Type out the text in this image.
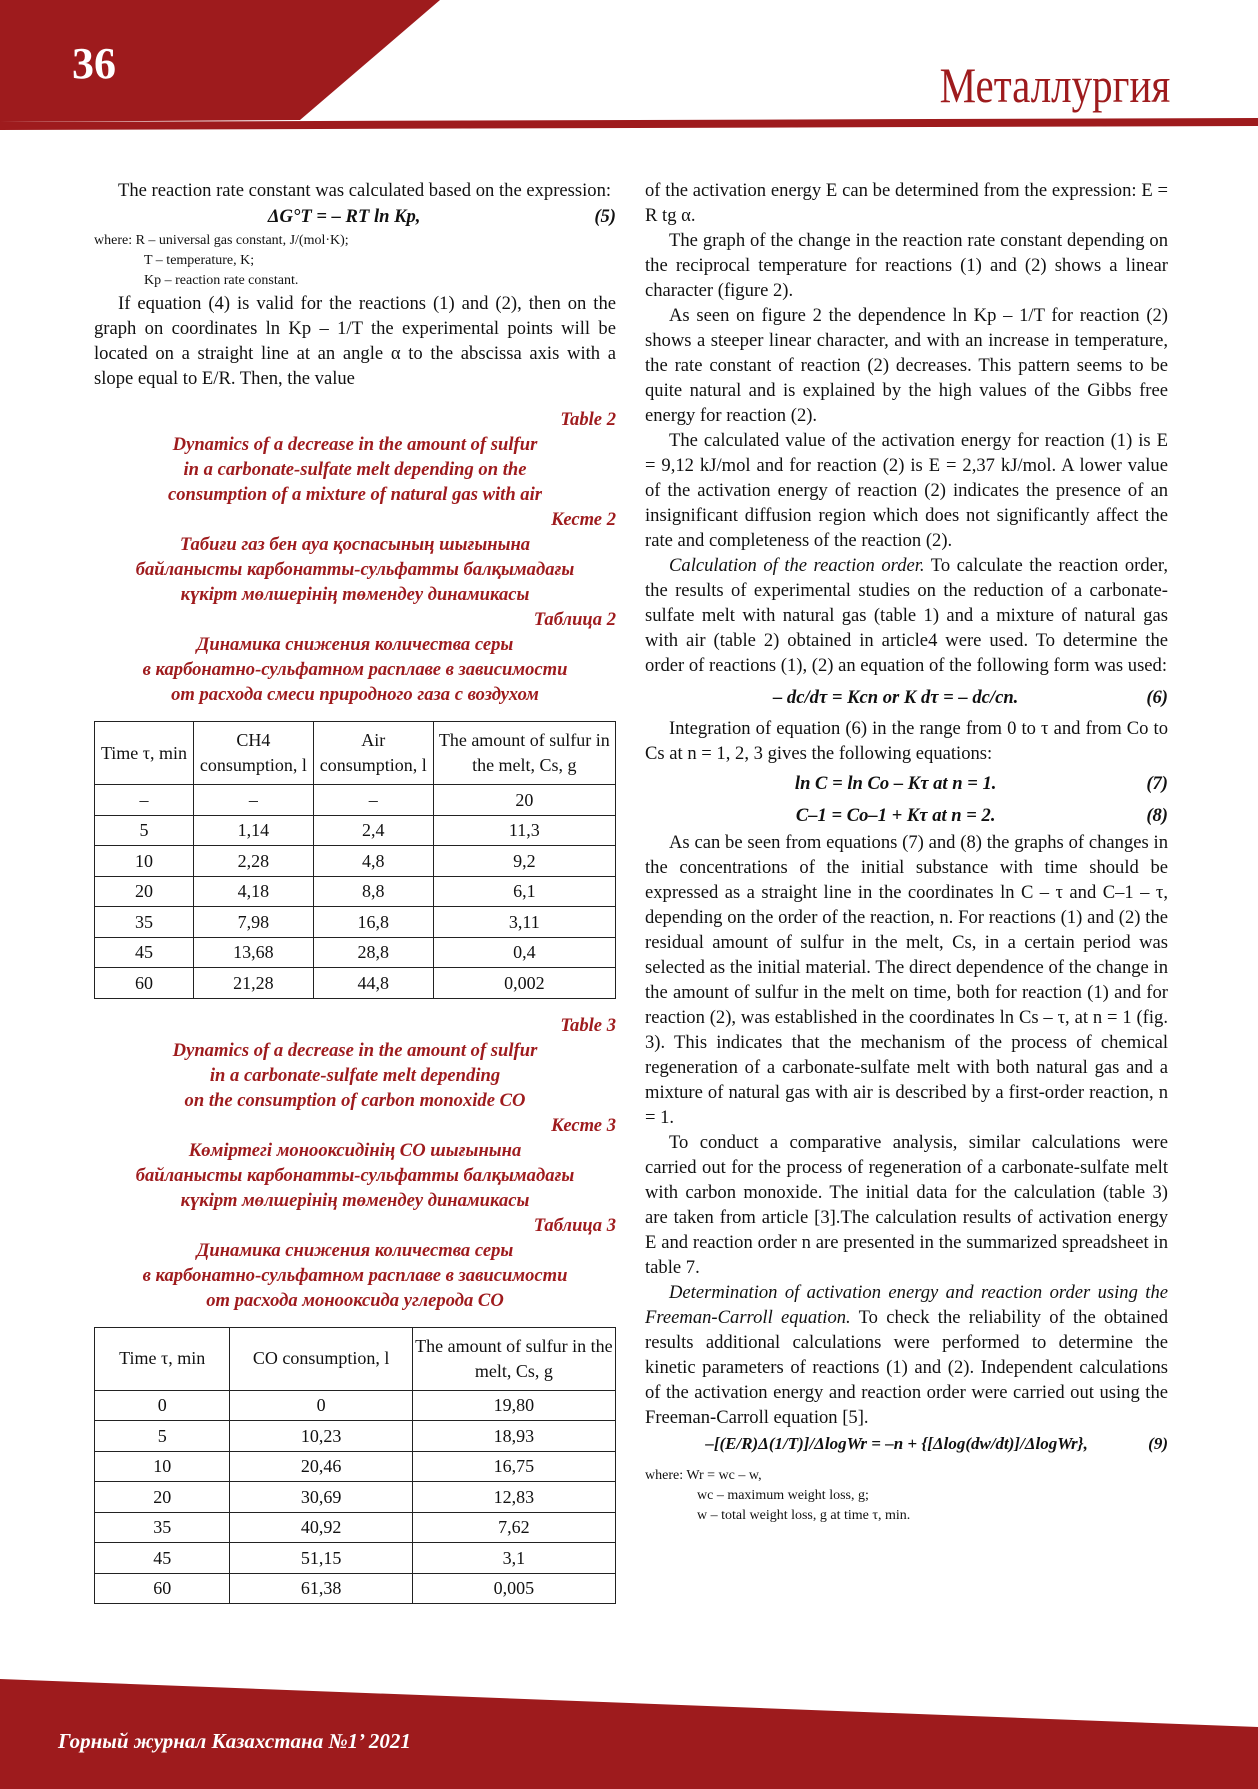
36	Металлургия

The reaction rate constant was calculated based on the expression:

ΔG°T = – RT ln Kp,	(5)
where: R – universal gas constant, J/(mol·K);
T – temperature, K;
Kp – reaction rate constant.

If equation (4) is valid for the reactions (1) and (2), then on the graph on coordinates ln Kp – 1/T the experimental points will be located on a straight line at an angle α to the abscissa axis with a slope equal to E/R. Then, the value

Table 2
Dynamics of a decrease in the amount of sulfur
in a carbonate-sulfate melt depending on the
consumption of a mixture of natural gas with air
Кесте 2
Табиғи газ бен ауа қоспасының шығынына
байланысты карбонатты-сульфатты балқымадағы
күкірт мөлшерінің төмендеу динамикасы
Таблица 2
Динамика снижения количества серы
в карбонатно-сульфатном расплаве в зависимости
от расхода смеси природного газа с воздухом
Time τ, min	CH4 consumption, l	Air consumption, l	The amount of sulfur in the melt, Cs, g
–	–	–	20
5	1,14	2,4	11,3
10	2,28	4,8	9,2
20	4,18	8,8	6,1
35	7,98	16,8	3,11
45	13,68	28,8	0,4
60	21,28	44,8	0,002
Table 3
Dynamics of a decrease in the amount of sulfur
in a carbonate-sulfate melt depending
on the consumption of carbon monoxide CO
Кесте 3
Көміртегі монооксидінің СО шығынына
байланысты карбонатты-сульфатты балқымадағы
күкірт мөлшерінің төмендеу динамикасы
Таблица 3
Динамика снижения количества серы
в карбонатно-сульфатном расплаве в зависимости
от расхода монооксида углерода СО
Time τ, min	CO consumption, l	The amount of sulfur in the melt, Cs, g
0	0	19,80
5	10,23	18,93
10	20,46	16,75
20	30,69	12,83
35	40,92	7,62
45	51,15	3,1
60	61,38	0,005

of the activation energy E can be determined from the expression: E = R tg α.

The graph of the change in the reaction rate constant depending on the reciprocal temperature for reactions (1) and (2) shows a linear character (figure 2).

As seen on figure 2 the dependence ln Kp – 1/T for reaction (2) shows a steeper linear character, and with an increase in temperature, the rate constant of reaction (2) decreases. This pattern seems to be quite natural and is explained by the high values of the Gibbs free energy for reaction (2).

The calculated value of the activation energy for reaction (1) is E = 9,12 kJ/mol and for reaction (2) is E = 2,37 kJ/mol. A lower value of the activation energy of reaction (2) indicates the presence of an insignificant diffusion region which does not significantly affect the rate and completeness of the reaction (2).

Calculation of the reaction order. To calculate the reaction order, the results of experimental studies on the reduction of a carbonate-sulfate melt with natural gas (table 1) and a mixture of natural gas with air (table 2) obtained in article4 were used. To determine the order of reactions (1), (2) an equation of the following form was used:

– dc/dτ = Kcn or K dτ = – dc/cn.	(6)

Integration of equation (6) in the range from 0 to τ and from Co to Cs at n = 1, 2, 3 gives the following equations:

ln C = ln Co – Kτ at n = 1.	(7)
C–1 = Co–1 + Kτ at n = 2.	(8)

As can be seen from equations (7) and (8) the graphs of changes in the concentrations of the initial substance with time should be expressed as a straight line in the coordinates ln C – τ and C–1 – τ, depending on the order of the reaction, n. For reactions (1) and (2) the residual amount of sulfur in the melt, Cs, in a certain period was selected as the initial material. The direct dependence of the change in the amount of sulfur in the melt on time, both for reaction (1) and for reaction (2), was established in the coordinates ln Cs – τ, at n = 1 (fig. 3). This indicates that the mechanism of the process of chemical regeneration of a carbonate-sulfate melt with both natural gas and a mixture of natural gas with air is described by a first-order reaction, n = 1.

To conduct a comparative analysis, similar calculations were carried out for the process of regeneration of a carbonate-sulfate melt with carbon monoxide. The initial data for the calculation (table 3) are taken from article [3].The calculation results of activation energy E and reaction order n are presented in the summarized spreadsheet in table 7.

Determination of activation energy and reaction order using the Freeman-Carroll equation. To check the reliability of the obtained results additional calculations were performed to determine the kinetic parameters of reactions (1) and (2). Independent calculations of the activation energy and reaction order were carried out using the Freeman-Carroll equation [5].

–[(E/R)Δ(1/T)]/ΔlogWr = –n + {[Δlog(dw/dt)]/ΔlogWr},	(9)
where: Wr = wc – w,
wc – maximum weight loss, g;
w – total weight loss, g at time τ, min.
Горный журнал Казахстана №1’ 2021
